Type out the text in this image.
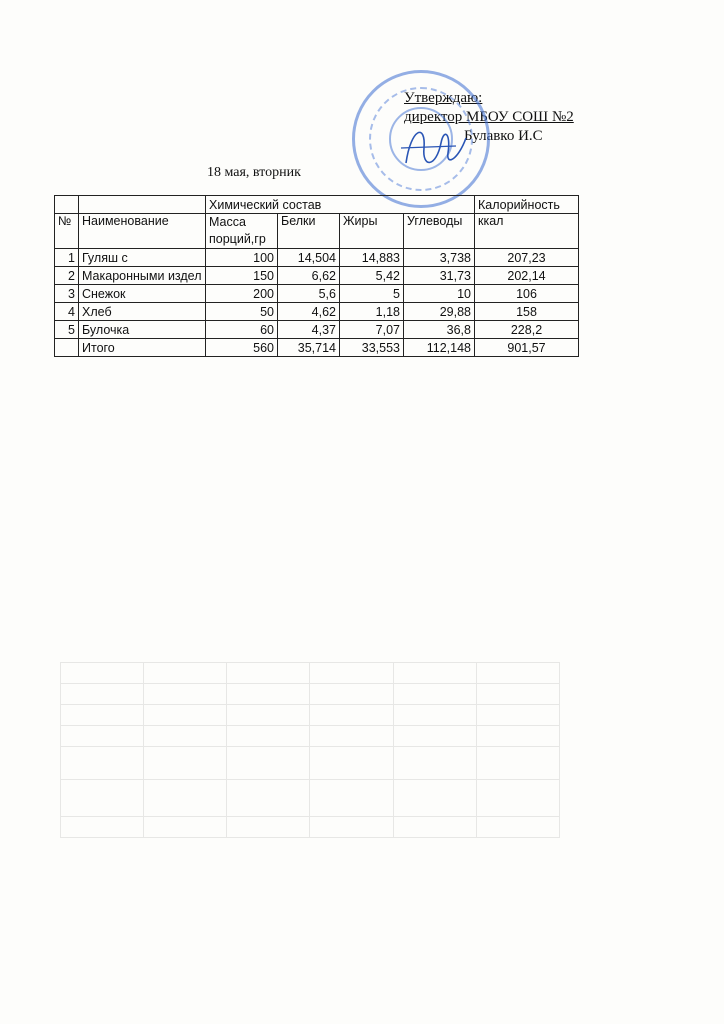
Утверждаю:
директор МБОУ СОШ №2
Булавко И.С
18 мая, вторник
		Химический состав				Калорийность
№	Наименование	Масса порций,гр	Белки	Жиры	Углеводы	ккал
1	Гуляш с	100	14,504	14,883	3,738	207,23
2	Макаронными издел	150	6,62	5,42	31,73	202,14
3	Снежок	200	5,6	5	10	106
4	Хлеб	50	4,62	1,18	29,88	158
5	Булочка	60	4,37	7,07	36,8	228,2
	Итого	560	35,714	33,553	112,148	901,57
